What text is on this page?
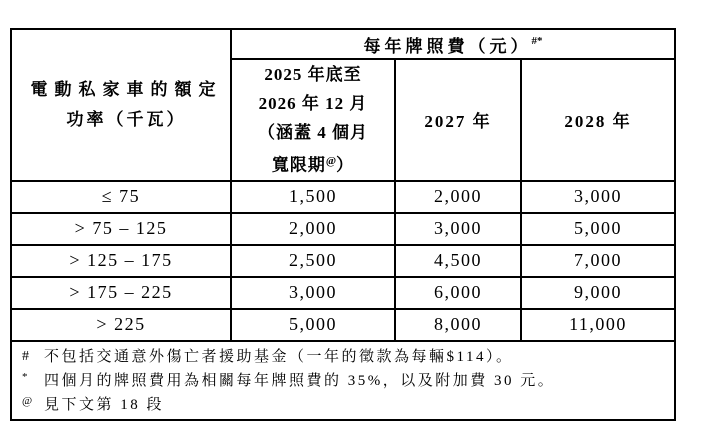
電動私家車的額定
功率（千瓦）	每年牌照費（元）#*

	2025 年底至
2026 年 12 月
（涵蓋 4 個月
寬限期@）	2027 年	2028 年
≤ 75	1,500	2,000	3,000
> 75 – 125	2,000	3,000	5,000
> 125 – 175	2,500	4,500	7,000
> 175 – 225	3,000	6,000	9,000
> 225	5,000	8,000	11,000

#	不包括交通意外傷亡者援助基金（一年的徵款為每輛$114）。
*	四個月的牌照費用為相關每年牌照費的 35%，以及附加費 30 元。
@ 見下文第 18 段
